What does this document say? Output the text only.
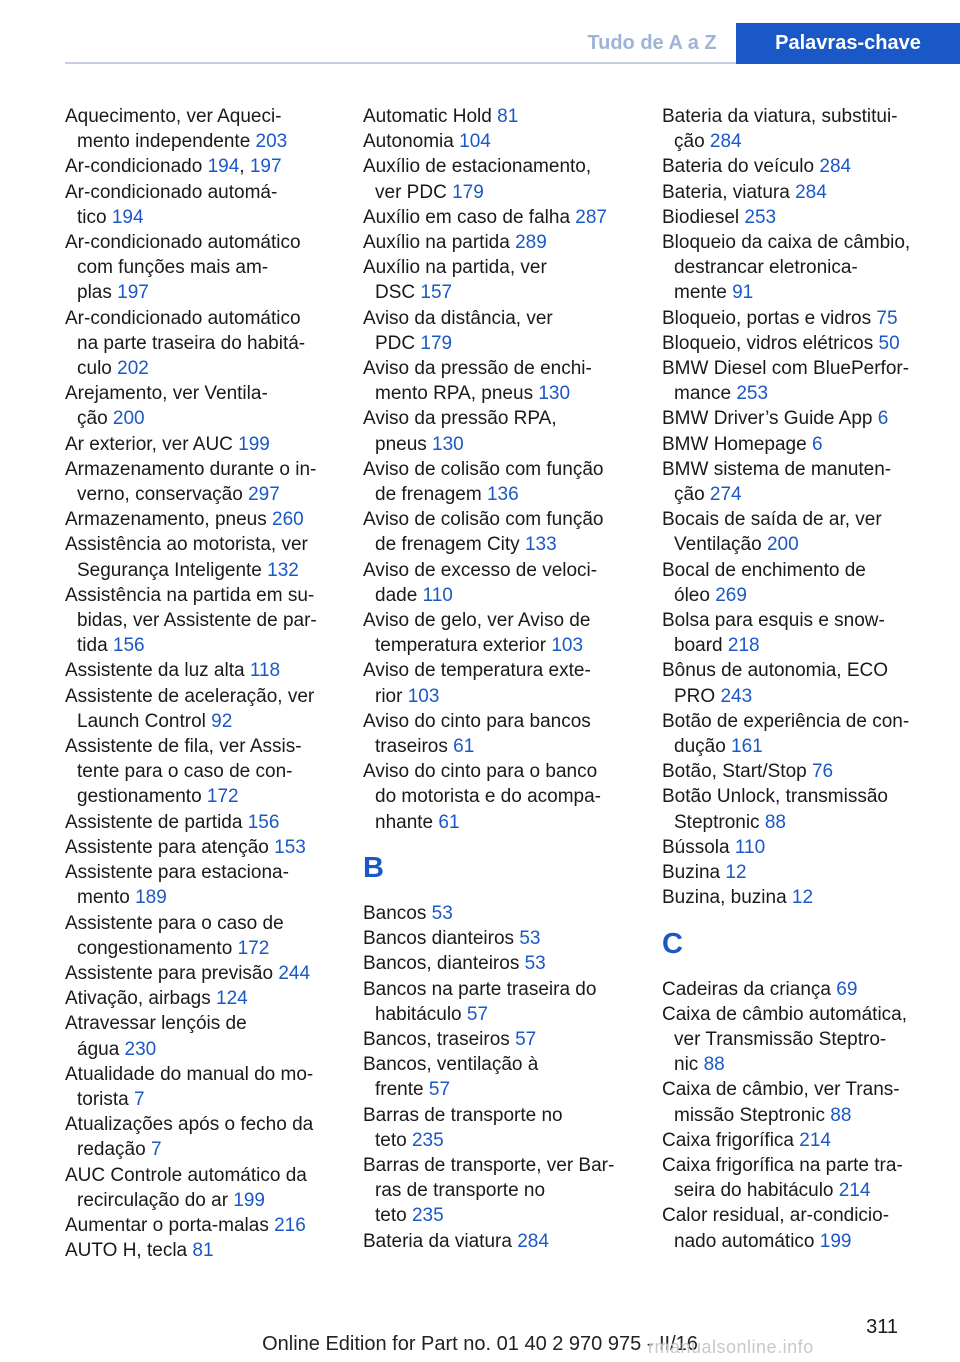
Tudo de A a Z	Palavras-chave
Aquecimento, ver Aqueci‐
mento independente 203
Ar-condicionado 194, 197
Ar-condicionado automá‐
tico 194
Ar-condicionado automático
com funções mais am‐
plas 197
Ar-condicionado automático
na parte traseira do habitá‐
culo 202
Arejamento, ver Ventila‐
ção 200
Ar exterior, ver AUC 199
Armazenamento durante o in‐
verno, conservação 297
Armazenamento, pneus 260
Assistência ao motorista, ver
Segurança Inteligente 132
Assistência na partida em su‐
bidas, ver Assistente de par‐
tida 156
Assistente da luz alta 118
Assistente de aceleração, ver
Launch Control 92
Assistente de fila, ver Assis‐
tente para o caso de con‐
gestionamento 172
Assistente de partida 156
Assistente para atenção 153
Assistente para estaciona‐
mento 189
Assistente para o caso de
congestionamento 172
Assistente para previsão 244
Ativação, airbags 124
Atravessar lençóis de
água 230
Atualidade do manual do mo‐
torista 7
Atualizações após o fecho da
redação 7
AUC Controle automático da
recirculação do ar 199
Aumentar o porta-malas 216
AUTO H, tecla 81
Automatic Hold 81
Autonomia 104
Auxílio de estacionamento,
ver PDC 179
Auxílio em caso de falha 287
Auxílio na partida 289
Auxílio na partida, ver
DSC 157
Aviso da distância, ver
PDC 179
Aviso da pressão de enchi‐
mento RPA, pneus 130
Aviso da pressão RPA,
pneus 130
Aviso de colisão com função
de frenagem 136
Aviso de colisão com função
de frenagem City 133
Aviso de excesso de veloci‐
dade 110
Aviso de gelo, ver Aviso de
temperatura exterior 103
Aviso de temperatura exte‐
rior 103
Aviso do cinto para bancos
traseiros 61
Aviso do cinto para o banco
do motorista e do acompa‐
nhante 61
B
Bancos 53
Bancos dianteiros 53
Bancos, dianteiros 53
Bancos na parte traseira do
habitáculo 57
Bancos, traseiros 57
Bancos, ventilação à
frente 57
Barras de transporte no
teto 235
Barras de transporte, ver Bar‐
ras de transporte no
teto 235
Bateria da viatura 284
Bateria da viatura, substitui‐
ção 284
Bateria do veículo 284
Bateria, viatura 284
Biodiesel 253
Bloqueio da caixa de câmbio,
destrancar eletronica‐
mente 91
Bloqueio, portas e vidros 75
Bloqueio, vidros elétricos 50
BMW Diesel com BluePerfor‐
mance 253
BMW Driver’s Guide App 6
BMW Homepage 6
BMW sistema de manuten‐
ção 274
Bocais de saída de ar, ver
Ventilação 200
Bocal de enchimento de
óleo 269
Bolsa para esquis e snow‐
board 218
Bônus de autonomia, ECO
PRO 243
Botão de experiência de con‐
dução 161
Botão, Start/Stop 76
Botão Unlock, transmissão
Steptronic 88
Bússola 110
Buzina 12
Buzina, buzina 12
C
Cadeiras da criança 69
Caixa de câmbio automática,
ver Transmissão Steptro‐
nic 88
Caixa de câmbio, ver Trans‐
missão Steptronic 88
Caixa frigorífica 214
Caixa frigorífica na parte tra‐
seira do habitáculo 214
Calor residual, ar-condicio‐
nado automático 199
311
Online Edition for Part no. 01 40 2 970 975 - II/16
rmanualsonline.info
